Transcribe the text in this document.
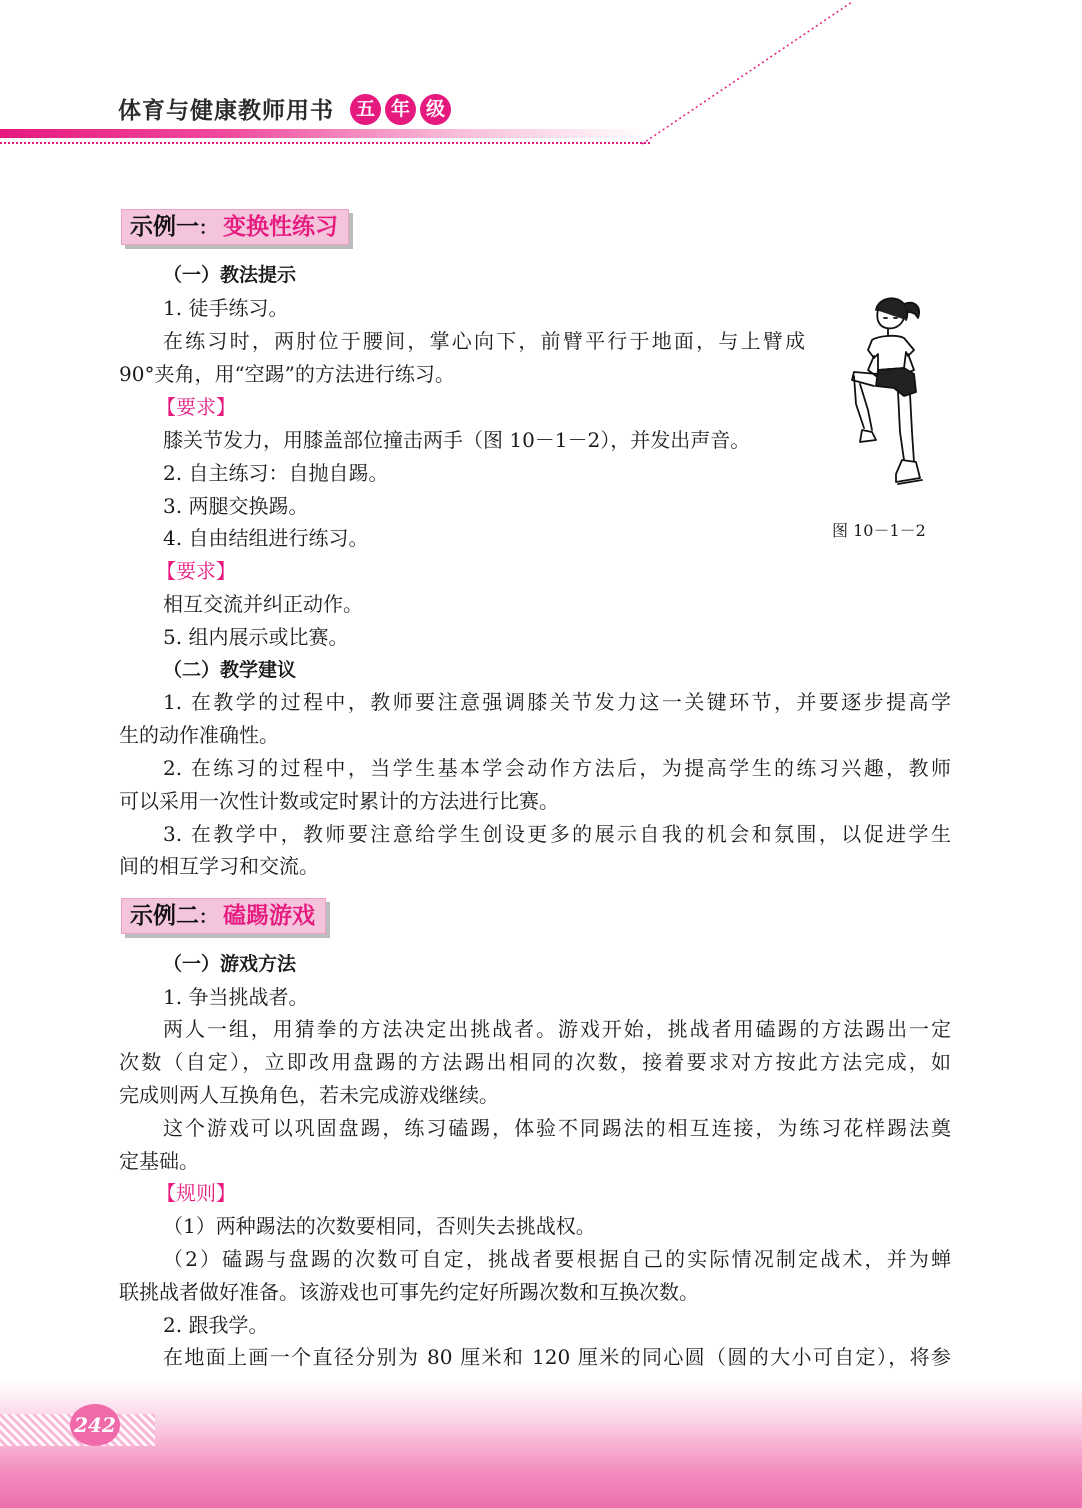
体育与健康教师用书	五 年 级
示例一： 变换性练习
（一）教法提示
1. 徒手练习。
在练习时，两肘位于腰间，掌心向下，前臂平行于地面，与上臂成
90°夹角，用“空踢”的方法进行练习。
【要求】
膝关节发力，用膝盖部位撞击两手（图 10－1－2），并发出声音。
2. 自主练习：自抛自踢。
3. 两腿交换踢。
4. 自由结组进行练习。
【要求】
相互交流并纠正动作。
5. 组内展示或比赛。
（二）教学建议
1. 在教学的过程中，教师要注意强调膝关节发力这一关键环节，并要逐步提高学
生的动作准确性。
2. 在练习的过程中，当学生基本学会动作方法后，为提高学生的练习兴趣，教师
可以采用一次性计数或定时累计的方法进行比赛。
3. 在教学中，教师要注意给学生创设更多的展示自我的机会和氛围，以促进学生
间的相互学习和交流。
图 10－1－2
示例二： 磕踢游戏
（一）游戏方法
1. 争当挑战者。
两人一组，用猜拳的方法决定出挑战者。游戏开始，挑战者用磕踢的方法踢出一定
次数（自定），立即改用盘踢的方法踢出相同的次数，接着要求对方按此方法完成，如
完成则两人互换角色，若未完成游戏继续。
这个游戏可以巩固盘踢，练习磕踢，体验不同踢法的相互连接，为练习花样踢法奠
定基础。
【规则】
（1）两种踢法的次数要相同，否则失去挑战权。
（2）磕踢与盘踢的次数可自定，挑战者要根据自己的实际情况制定战术，并为蝉
联挑战者做好准备。该游戏也可事先约定好所踢次数和互换次数。
2. 跟我学。
在地面上画一个直径分别为 80 厘米和 120 厘米的同心圆（圆的大小可自定），将参
242
